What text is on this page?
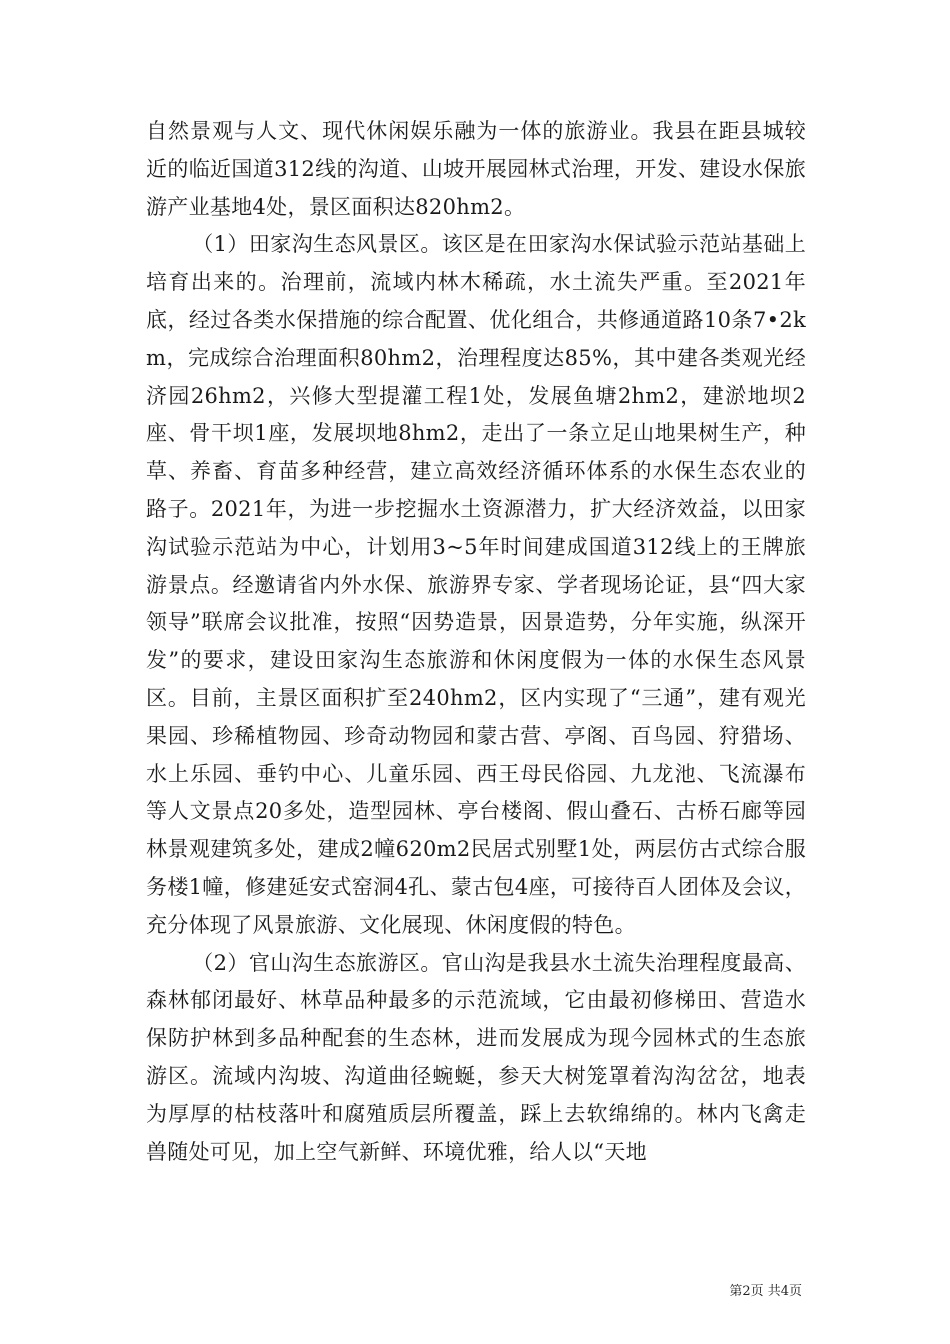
自然景观与人文、现代休闲娱乐融为一体的旅游业。我县在距县城较近的临近国道312线的沟道、山坡开展园林式治理，开发、建设水保旅游产业基地4处，景区面积达820hm2。

（1）田家沟生态风景区。该区是在田家沟水保试验示范站基础上培育出来的。治理前，流域内林木稀疏，水土流失严重。至2021年底，经过各类水保措施的综合配置、优化组合，共修通道路10条7•2km，完成综合治理面积80hm2，治理程度达85%，其中建各类观光经济园26hm2，兴修大型提灌工程1处，发展鱼塘2hm2，建淤地坝2座、骨干坝1座，发展坝地8hm2，走出了一条立足山地果树生产，种草、养畜、育苗多种经营，建立高效经济循环体系的水保生态农业的路子。2021年，为进一步挖掘水土资源潜力，扩大经济效益，以田家沟试验示范站为中心，计划用3~5年时间建成国道312线上的王牌旅游景点。经邀请省内外水保、旅游界专家、学者现场论证，县“四大家领导”联席会议批准，按照“因势造景，因景造势，分年实施，纵深开发”的要求，建设田家沟生态旅游和休闲度假为一体的水保生态风景区。目前，主景区面积扩至240hm2，区内实现了“三通”，建有观光果园、珍稀植物园、珍奇动物园和蒙古营、亭阁、百鸟园、狩猎场、水上乐园、垂钓中心、儿童乐园、西王母民俗园、九龙池、飞流瀑布等人文景点20多处，造型园林、亭台楼阁、假山叠石、古桥石廊等园林景观建筑多处，建成2幢620m2民居式别墅1处，两层仿古式综合服务楼1幢，修建延安式窑洞4孔、蒙古包4座，可接待百人团体及会议，充分体现了风景旅游、文化展现、休闲度假的特色。

（2）官山沟生态旅游区。官山沟是我县水土流失治理程度最高、森林郁闭最好、林草品种最多的示范流域，它由最初修梯田、营造水保防护林到多品种配套的生态林，进而发展成为现今园林式的生态旅游区。流域内沟坡、沟道曲径蜿蜒，参天大树笼罩着沟沟岔岔，地表为厚厚的枯枝落叶和腐殖质层所覆盖，踩上去软绵绵的。林内飞禽走兽随处可见，加上空气新鲜、环境优雅，给人以“天地

第2页 共4页
